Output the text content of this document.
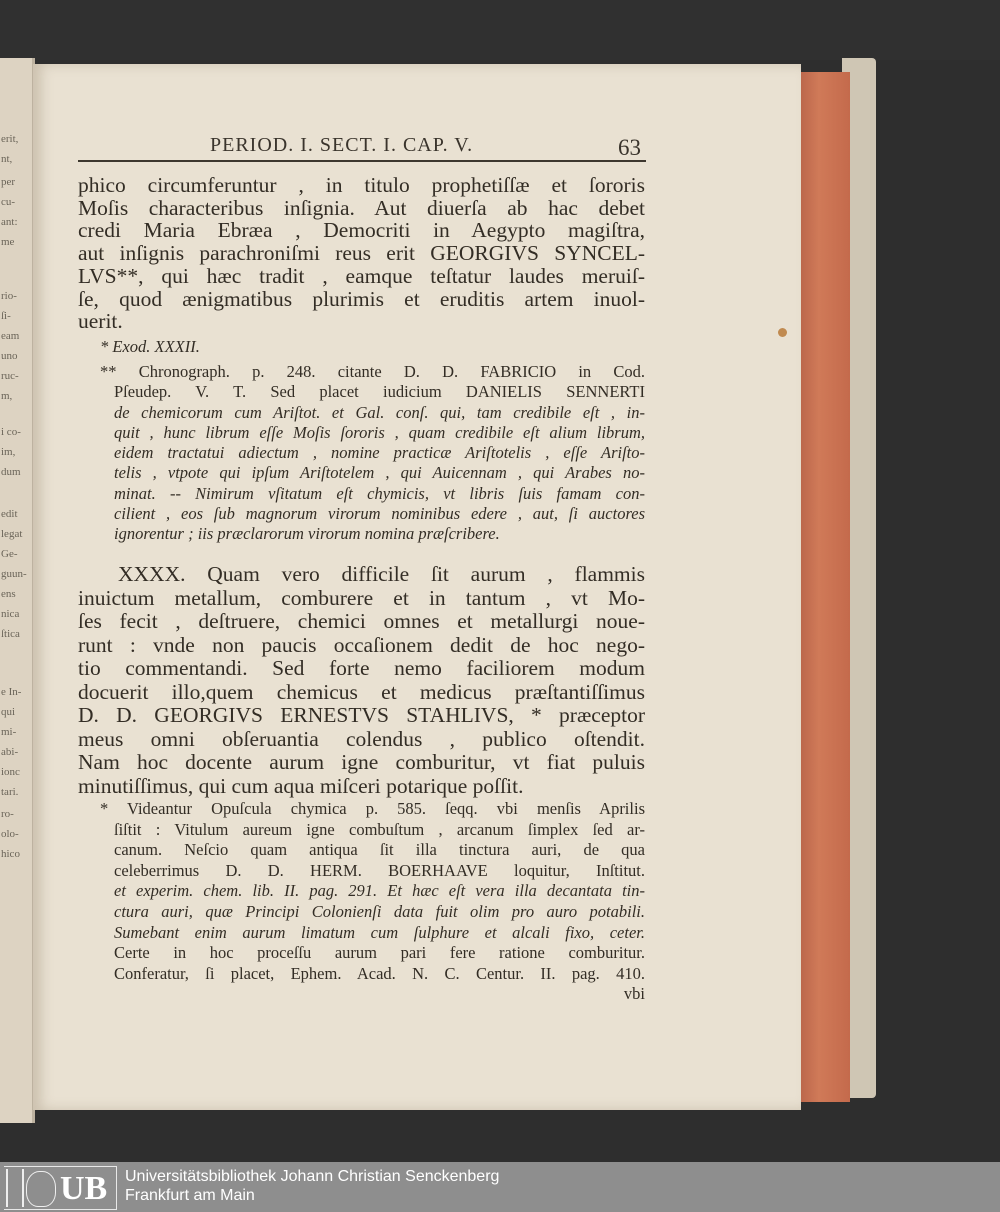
erit,
nt,
per
cu-
ant:
me
rio-
ſi-
eam
uno
ruc-
m,
i co-
im,
dum
edit
legat
Ge-
guun-
ens
nica
ſtica
e In-
qui
mi-
abi-
ionc
tari.
ro-
olo-
hico
PERIOD. I. SECT. I. CAP. V.	63
phico circumferuntur , in titulo prophetiſſæ et ſororis
Moſis characteribus inſignia. Aut diuerſa ab hac debet
credi Maria Ebræa , Democriti in Aegypto magiſtra,
aut inſignis parachroniſmi reus erit GEORGIVS SYNCEL-
LVS**, qui hæc tradit , eamque teſtatur laudes meruiſ-
ſe, quod ænigmatibus plurimis et eruditis artem inuol-
uerit.
* Exod. XXXII.
** Chronograph. p. 248. citante D. D. FABRICIO in Cod.
Pſeudep. V. T. Sed placet iudicium DANIELIS SENNERTI
de chemicorum cum Ariſtot. et Gal. conſ. qui, tam credibile eſt , in-
quit , hunc librum eſſe Moſis ſororis , quam credibile eſt alium librum,
eidem tractatui adiectum , nomine practicæ Ariſtotelis , eſſe Ariſto-
telis , vtpote qui ipſum Ariſtotelem , qui Auicennam , qui Arabes no-
minat. -- Nimirum vſitatum eſt chymicis, vt libris ſuis famam con-
cilient , eos ſub magnorum virorum nominibus edere , aut, ſi auctores
ignorentur ; iis præclarorum virorum nomina præſcribere.
XXXX. Quam vero difficile ſit aurum , flammis
inuictum metallum, comburere et in tantum , vt Mo-
ſes fecit , deſtruere, chemici omnes et metallurgi noue-
runt : vnde non paucis occaſionem dedit de hoc nego-
tio commentandi. Sed forte nemo faciliorem modum
docuerit illo,quem chemicus et medicus præſtantiſſimus
D. D. GEORGIVS ERNESTVS STAHLIVS, * præceptor
meus omni obſeruantia colendus , publico oſtendit.
Nam hoc docente aurum igne comburitur, vt fiat puluis
minutiſſimus, qui cum aqua miſceri potarique poſſit.
* Videantur Opuſcula chymica p. 585. ſeqq. vbi menſis Aprilis
ſiſtit : Vitulum aureum igne combuſtum , arcanum ſimplex ſed ar-
canum. Neſcio quam antiqua ſit illa tinctura auri, de qua
celeberrimus D. D. HERM. BOERHAAVE loquitur, Inſtitut.
et experim. chem. lib. II. pag. 291. Et hæc eſt vera illa decantata tin-
ctura auri, quæ Principi Colonienſi data fuit olim pro auro potabili.
Sumebant enim aurum limatum cum ſulphure et alcali fixo, ceter.
Certe in hoc proceſſu aurum pari fere ratione comburitur.
Conferatur, ſi placet, Ephem. Acad. N. C. Centur. II. pag. 410.
vbi
UB Universitätsbibliothek Johann Christian Senckenberg
Frankfurt am Main
